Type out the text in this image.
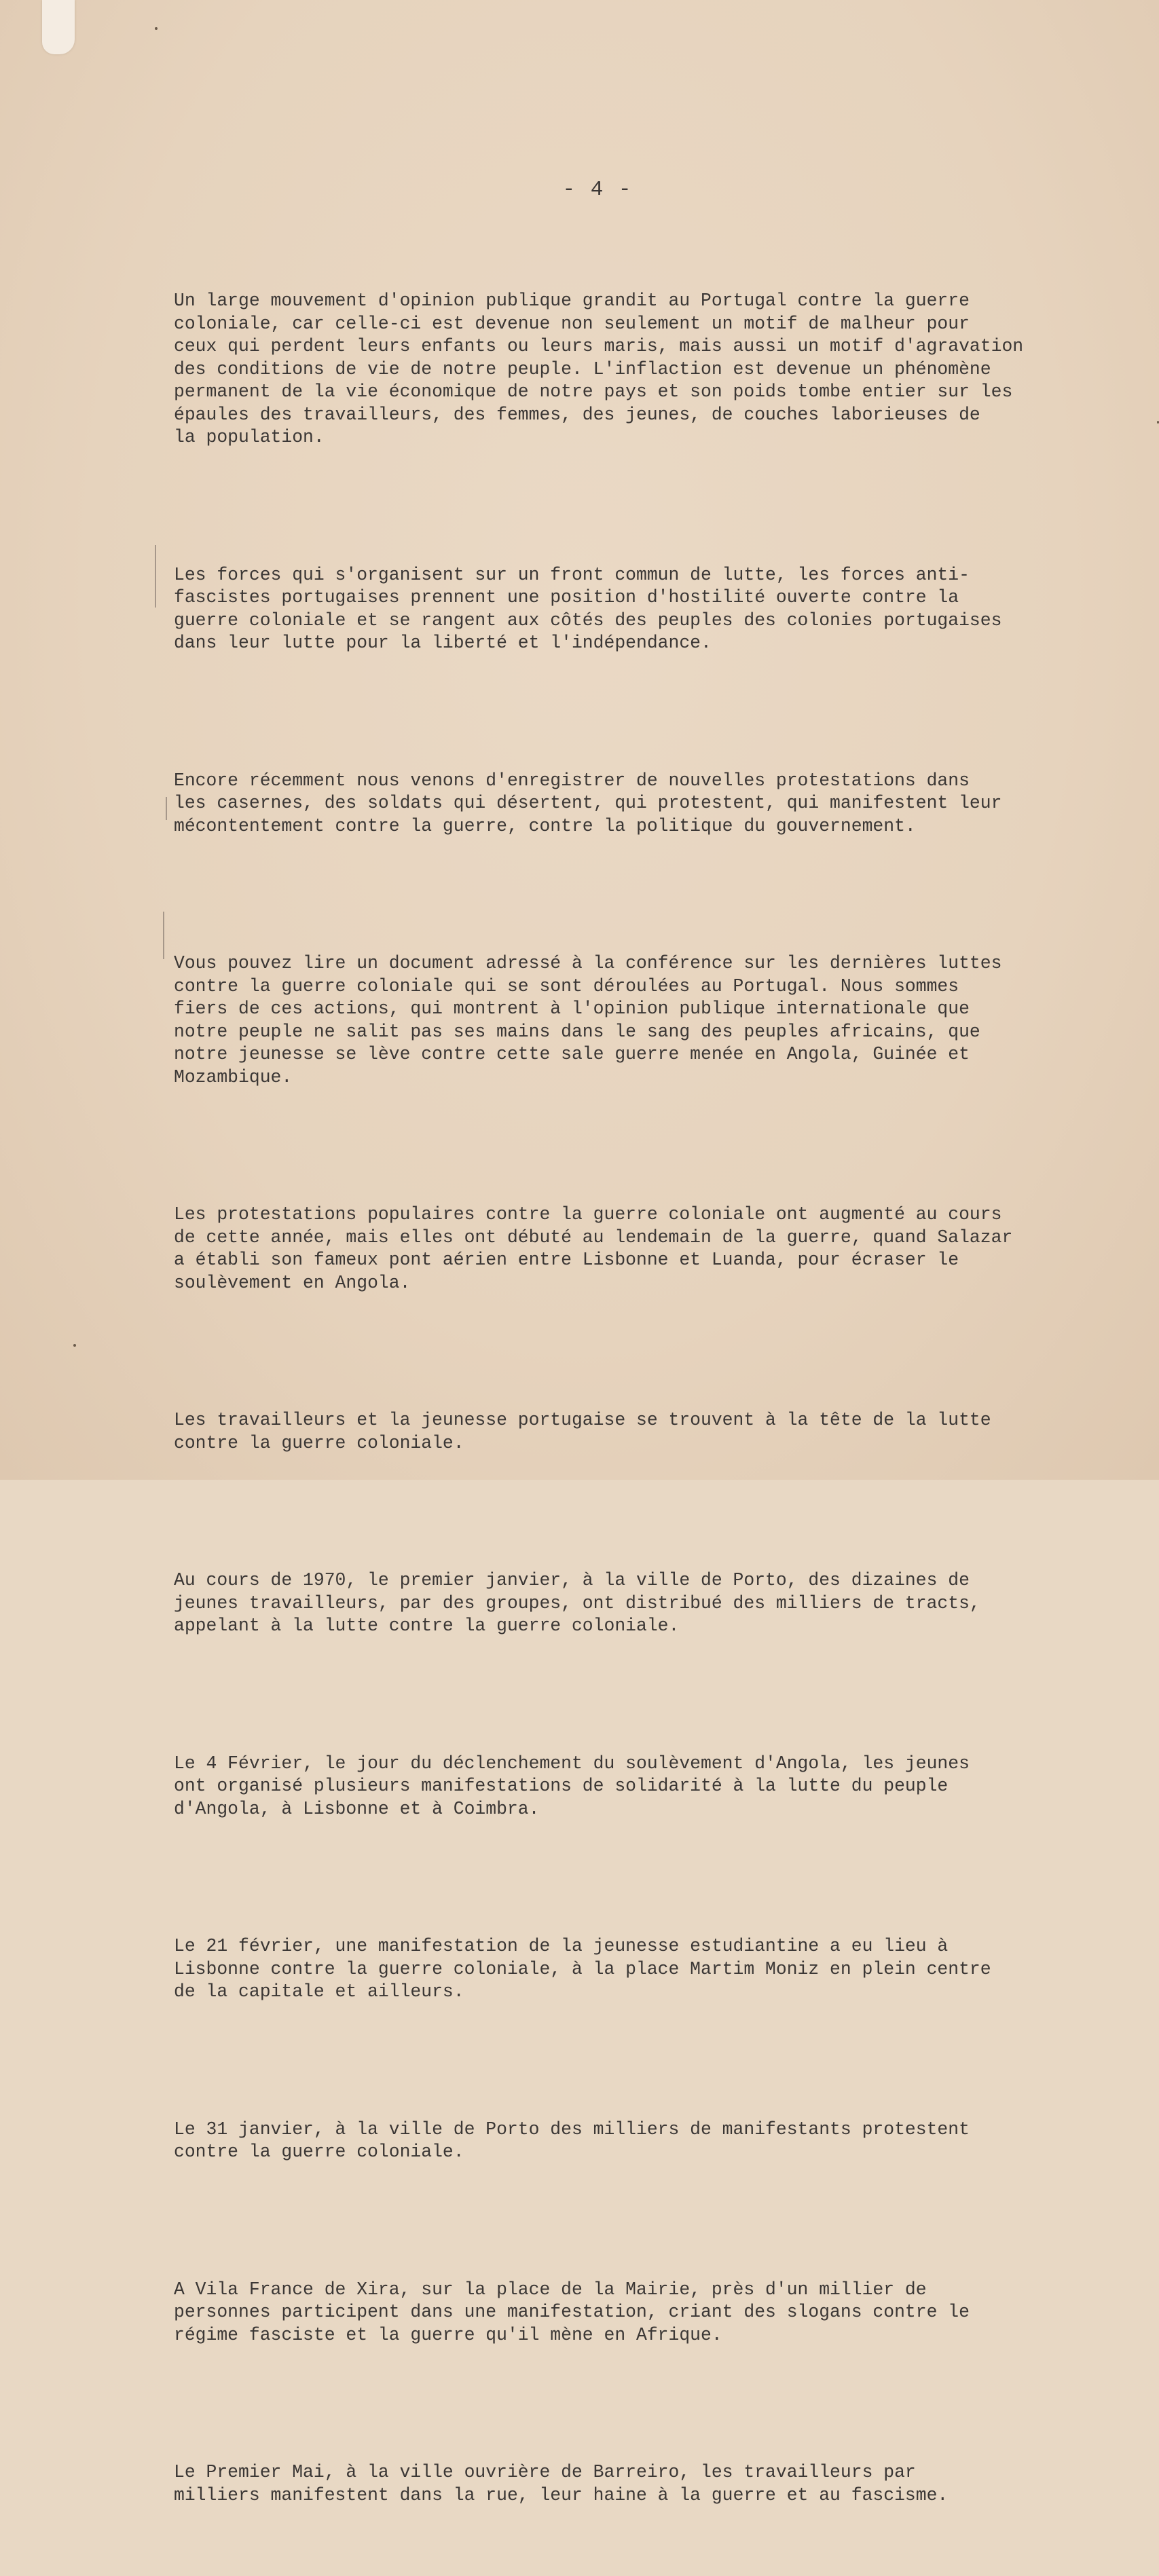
- 4 -

Un large mouvement d'opinion publique grandit au Portugal contre la guerre
coloniale, car celle-ci est devenue non seulement un motif de malheur pour
ceux qui perdent leurs enfants ou leurs maris, mais aussi un motif d'agravation
des conditions de vie de notre peuple. L'inflaction est devenue un phénomène
permanent de la vie économique de notre pays et son poids tombe entier sur les
épaules des travailleurs, des femmes, des jeunes, de couches laborieuses de
la population.

Les forces qui s'organisent sur un front commun de lutte, les forces anti-
fascistes portugaises prennent une position d'hostilité ouverte contre la
guerre coloniale et se rangent aux côtés des peuples des colonies portugaises
dans leur lutte pour la liberté et l'indépendance.

Encore récemment nous venons d'enregistrer de nouvelles protestations dans
les casernes, des soldats qui désertent, qui protestent, qui manifestent leur
mécontentement contre la guerre, contre la politique du gouvernement.

Vous pouvez lire un document adressé à la conférence sur les dernières luttes
contre la guerre coloniale qui se sont déroulées au Portugal. Nous sommes
fiers de ces actions, qui montrent à l'opinion publique internationale que
notre peuple ne salit pas ses mains dans le sang des peuples africains, que
notre jeunesse se lève contre cette sale guerre menée en Angola, Guinée et
Mozambique.

Les protestations populaires contre la guerre coloniale ont augmenté au cours
de cette année, mais elles ont débuté au lendemain de la guerre, quand Salazar
a établi son fameux pont aérien entre Lisbonne et Luanda, pour écraser le
soulèvement en Angola.

Les travailleurs et la jeunesse portugaise se trouvent à la tête de la lutte
contre la guerre coloniale.

Au cours de 1970, le premier janvier, à la ville de Porto, des dizaines de
jeunes travailleurs, par des groupes, ont distribué des milliers de tracts,
appelant à la lutte contre la guerre coloniale.

Le 4 Février, le jour du déclenchement du soulèvement d'Angola, les jeunes
ont organisé plusieurs manifestations de solidarité à la lutte du peuple
d'Angola, à Lisbonne et à Coimbra.

Le 21 février, une manifestation de la jeunesse estudiantine a eu lieu à
Lisbonne contre la guerre coloniale, à la place Martim Moniz en plein centre
de la capitale et ailleurs.

Le 31 janvier, à la ville de Porto des milliers de manifestants protestent
contre la guerre coloniale.

A Vila France de Xira, sur la place de la Mairie, près d'un millier de
personnes participent dans une manifestation, criant des slogans contre le
régime fasciste et la guerre qu'il mène en Afrique.

Le Premier Mai, à la ville ouvrière de Barreiro, les travailleurs par
milliers manifestent dans la rue, leur haine à la guerre et au fascisme.
